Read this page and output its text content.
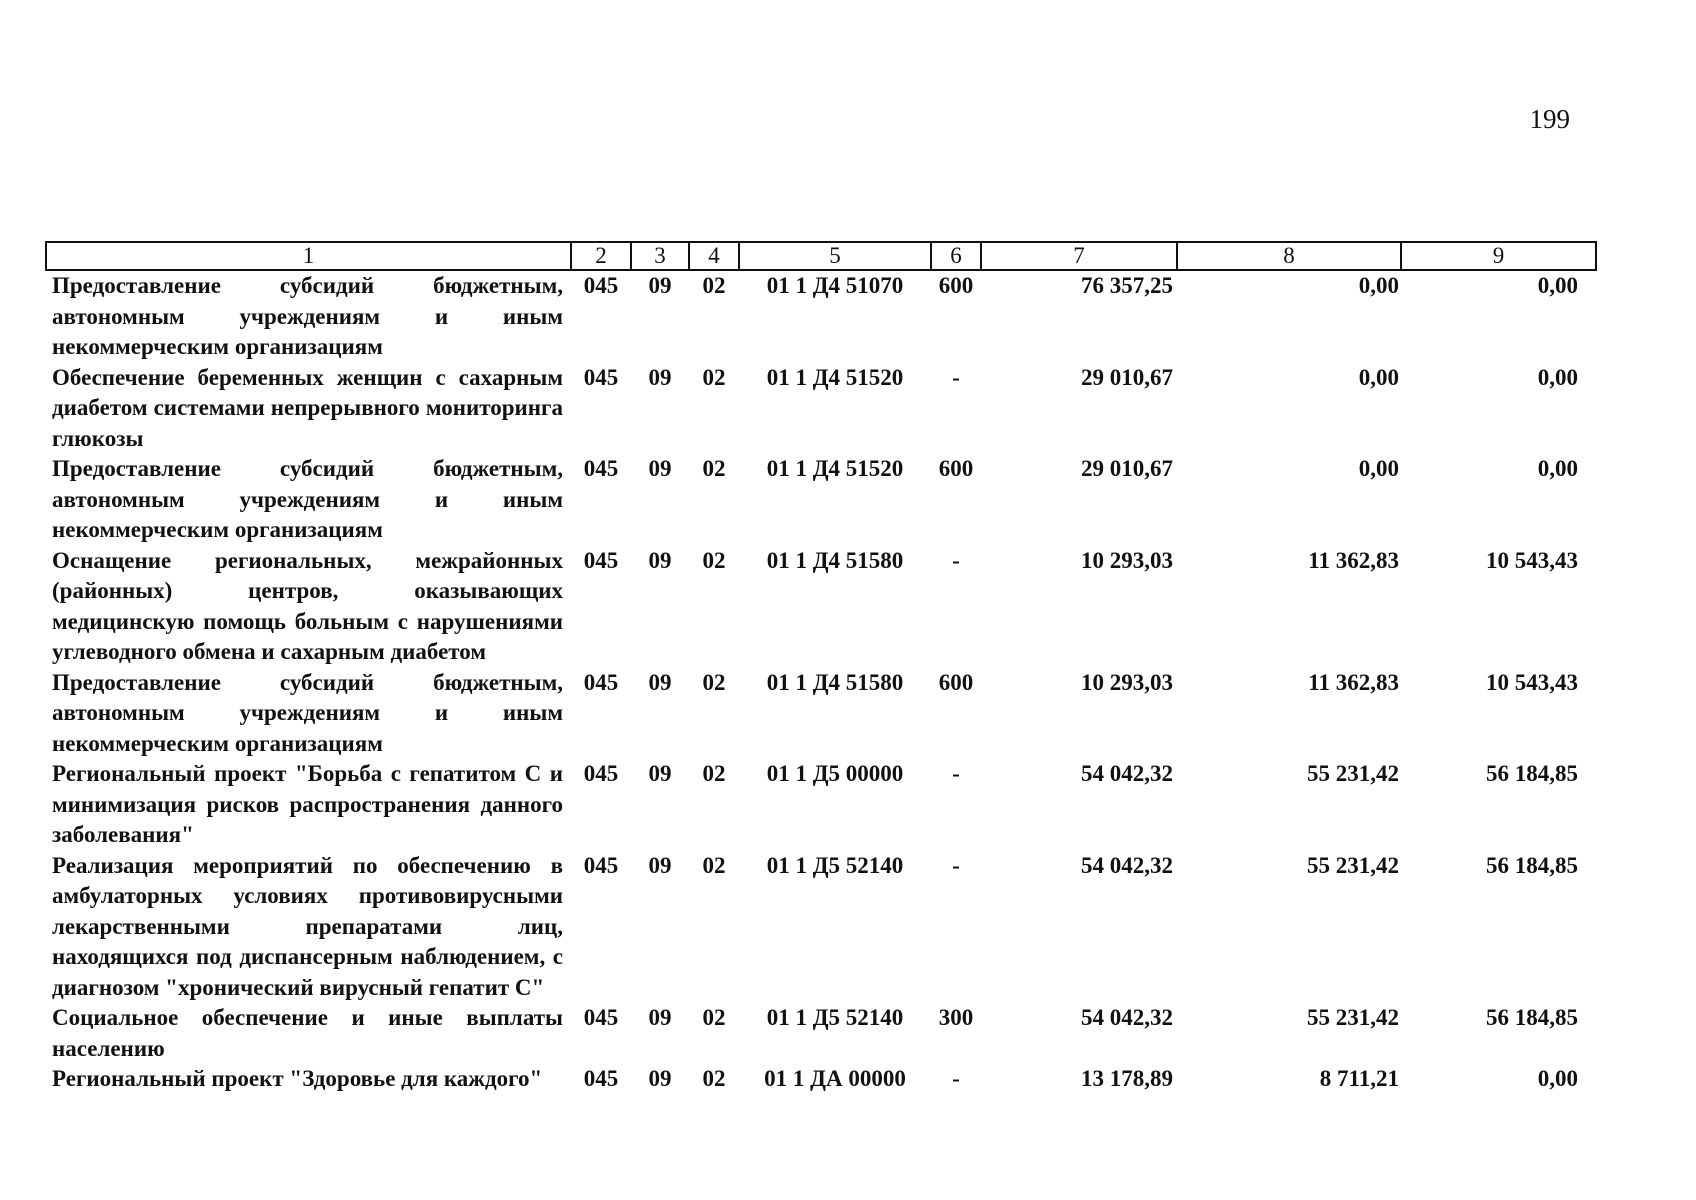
199
1	2	3	4	5	6	7	8	9
Предоставление субсидий бюджетным, автономным учреждениям и иным некоммерческим организациям	045	09	02	01 1 Д4 51070	600	76 357,25	0,00	0,00
Обеспечение беременных женщин с сахарным диабетом системами непрерывного мониторинга глюкозы	045	09	02	01 1 Д4 51520	-	29 010,67	0,00	0,00
Предоставление субсидий бюджетным, автономным учреждениям и иным некоммерческим организациям	045	09	02	01 1 Д4 51520	600	29 010,67	0,00	0,00
Оснащение региональных, межрайонных (районных) центров, оказывающих медицинскую помощь больным с нарушениями углеводного обмена и сахарным диабетом	045	09	02	01 1 Д4 51580	-	10 293,03	11 362,83	10 543,43
Предоставление субсидий бюджетным, автономным учреждениям и иным некоммерческим организациям	045	09	02	01 1 Д4 51580	600	10 293,03	11 362,83	10 543,43
Региональный проект "Борьба с гепатитом С и минимизация рисков распространения данного заболевания"	045	09	02	01 1 Д5 00000	-	54 042,32	55 231,42	56 184,85
Реализация мероприятий по обеспечению в амбулаторных условиях противовирусными лекарственными препаратами лиц, находящихся под диспансерным наблюдением, с диагнозом "хронический вирусный гепатит С"	045	09	02	01 1 Д5 52140	-	54 042,32	55 231,42	56 184,85
Социальное обеспечение и иные выплаты населению	045	09	02	01 1 Д5 52140	300	54 042,32	55 231,42	56 184,85
Региональный проект "Здоровье для каждого"	045	09	02	01 1 ДА 00000	-	13 178,89	8 711,21	0,00
